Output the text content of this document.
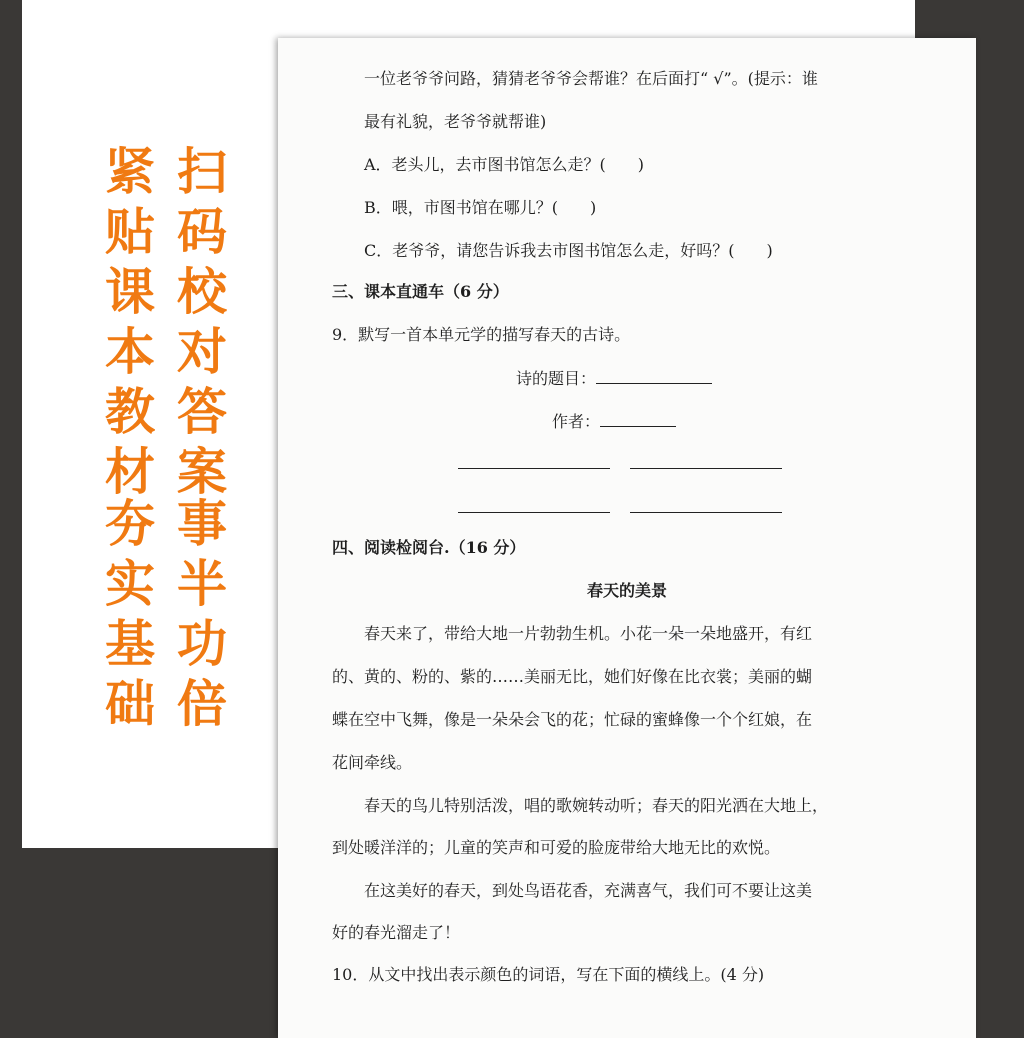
紧
贴
课
本
教
材
扫
码
校
对
答
案
夯
实
基
础
事
半
功
倍
一位老爷爷问路，猜猜老爷爷会帮谁？在后面打“ √”。(提示：谁
最有礼貌，老爷爷就帮谁)
A．老头儿，去市图书馆怎么走？(　　)
B．喂，市图书馆在哪儿？(　　)
C．老爷爷，请您告诉我去市图书馆怎么走，好吗？(　　)
三、课本直通车（6 分）
9．默写一首本单元学的描写春天的古诗。
诗的题目：
作者：
四、阅读检阅台.（16 分）
春天的美景
春天来了，带给大地一片勃勃生机。小花一朵一朵地盛开，有红
的、黄的、粉的、紫的……美丽无比，她们好像在比衣裳；美丽的蝴
蝶在空中飞舞，像是一朵朵会飞的花；忙碌的蜜蜂像一个个红娘，在
花间牵线。
春天的鸟儿特别活泼，唱的歌婉转动听；春天的阳光洒在大地上，
到处暖洋洋的；儿童的笑声和可爱的脸庞带给大地无比的欢悦。
在这美好的春天，到处鸟语花香，充满喜气，我们可不要让这美
好的春光溜走了！
10．从文中找出表示颜色的词语，写在下面的横线上。(4 分)
